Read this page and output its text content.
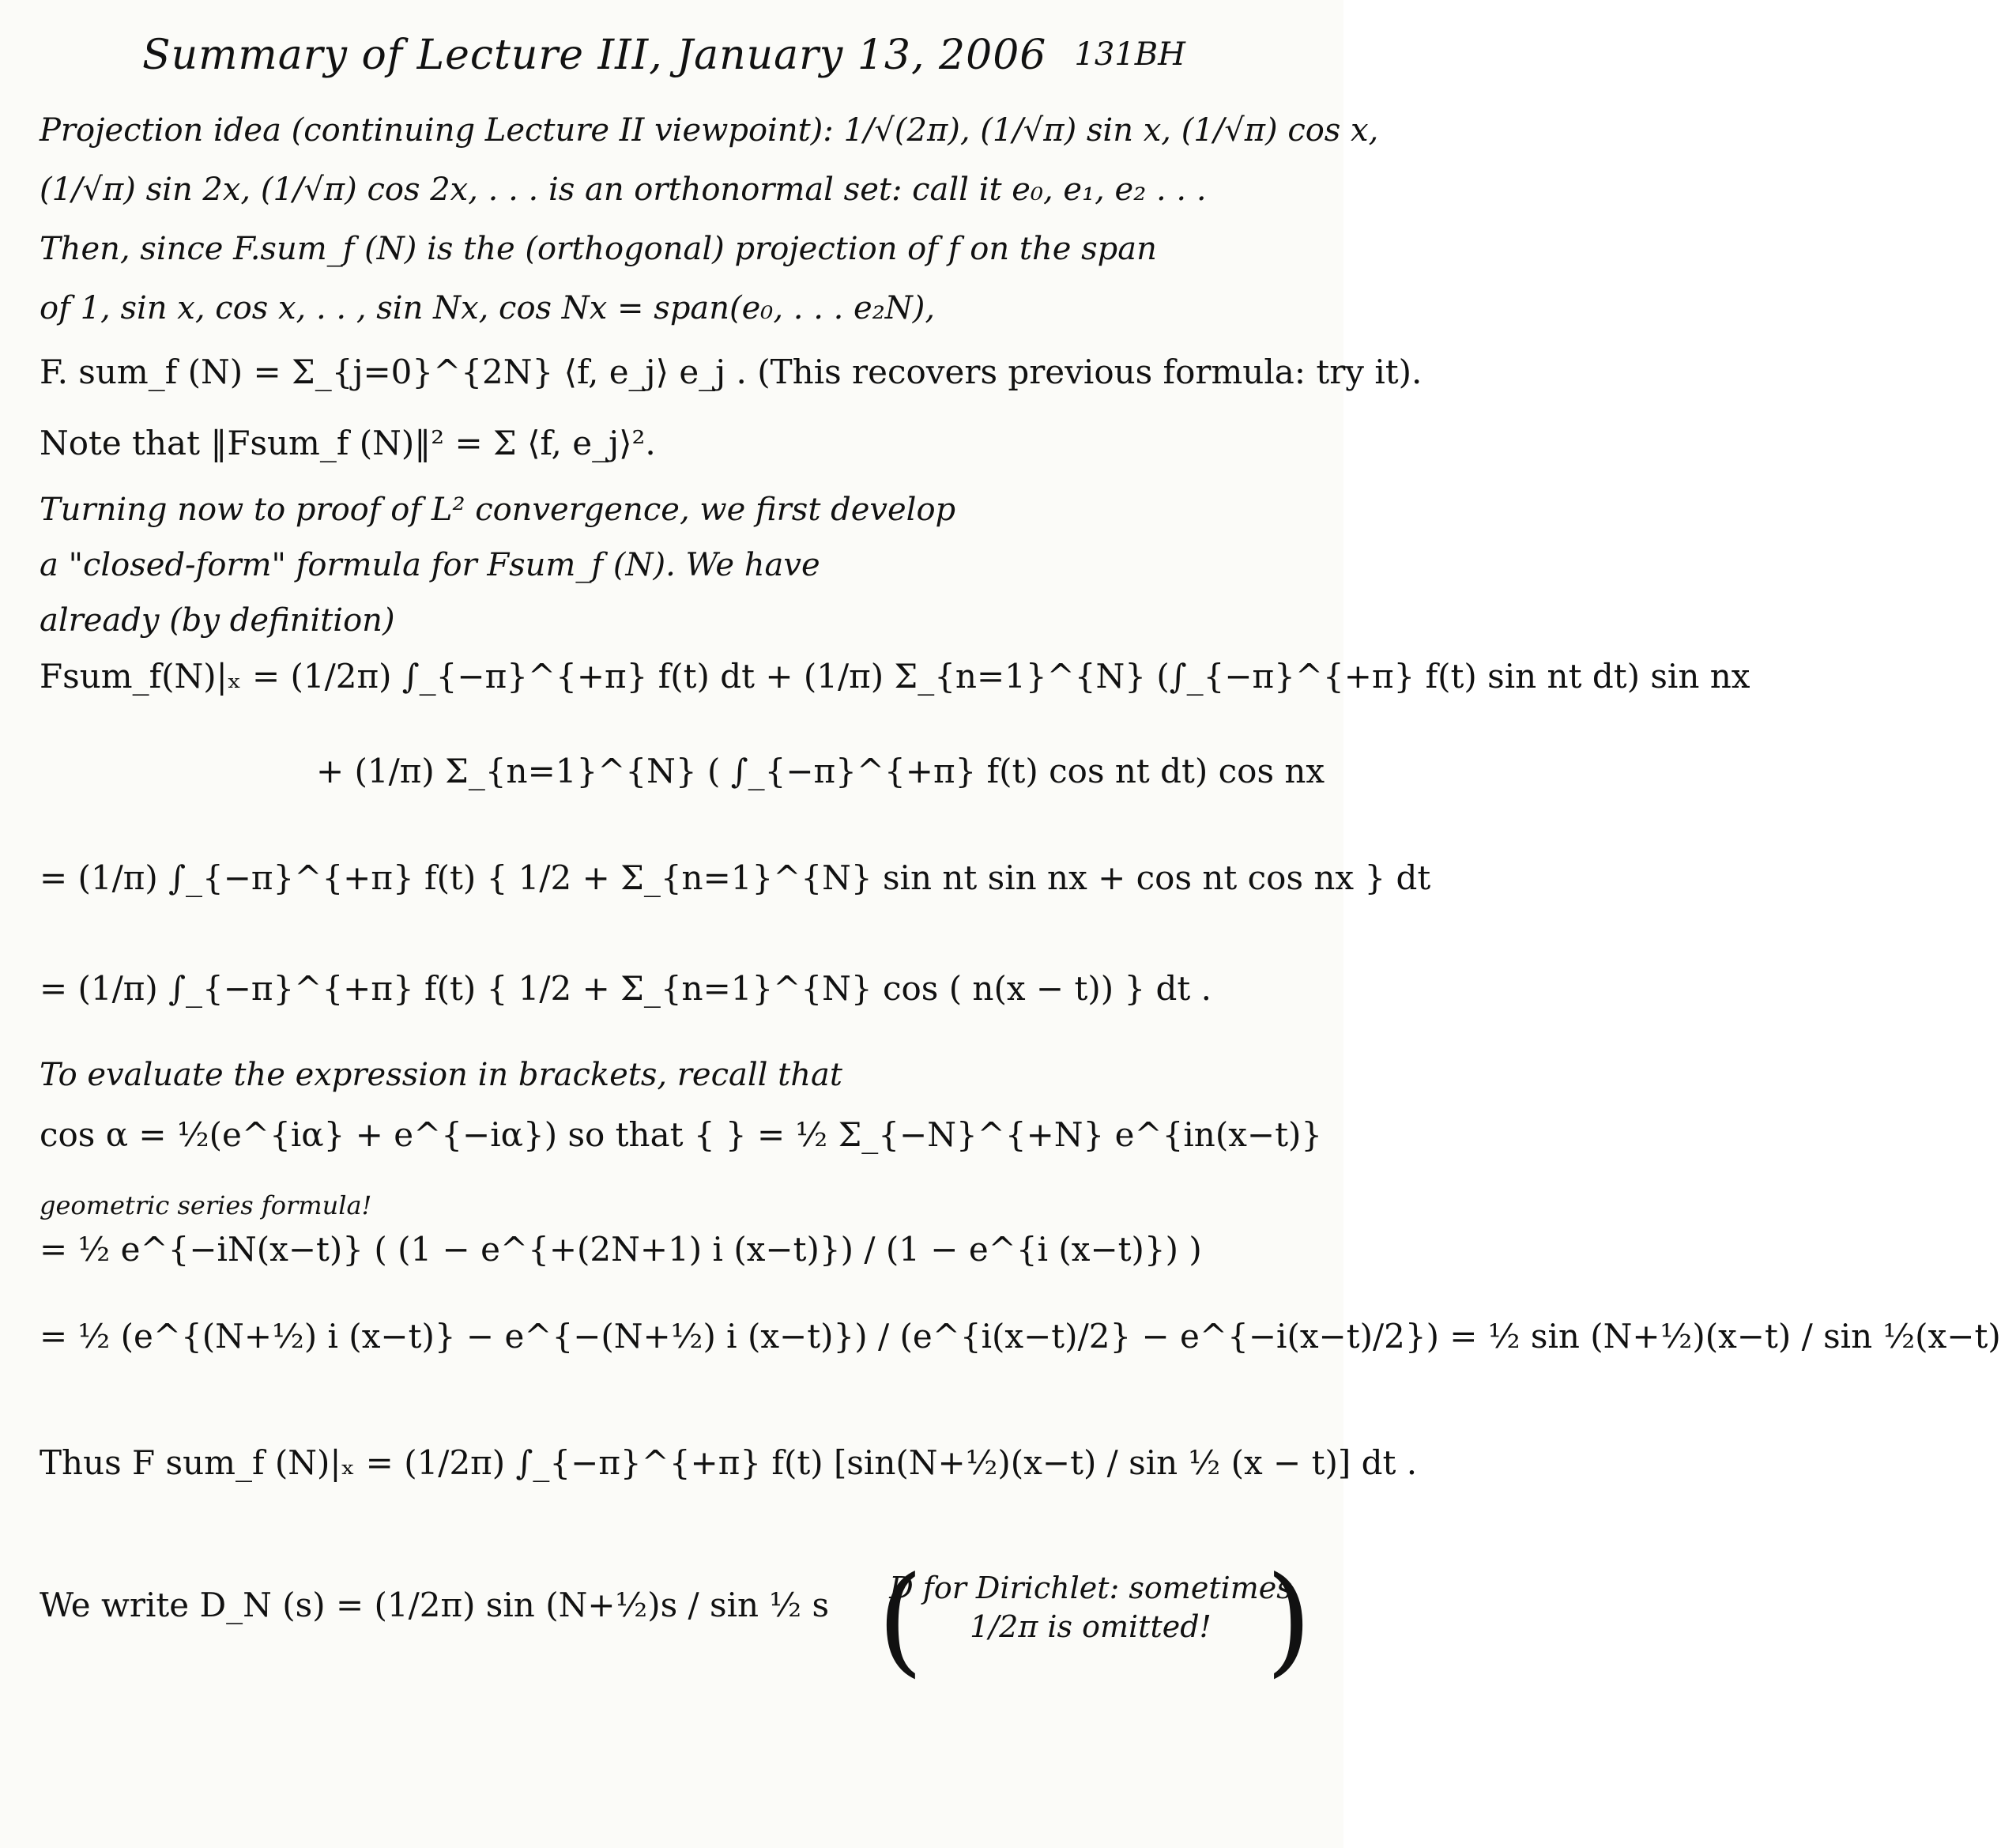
Summary of Lecture III, January 13, 2006 131BH
Projection idea (continuing Lecture II viewpoint): 1/√(2π), (1/√π) sin x, (1/√π) cos x,
(1/√π) sin 2x, (1/√π) cos 2x, . . . is an orthonormal set: call it e₀, e₁, e₂ . . .
Then, since F.sum_f (N) is the (orthogonal) projection of f on the span
of 1, sin x, cos x, . . , sin Nx, cos Nx = span(e₀, . . . e₂N),
F. sum_f (N) = Σ_{j=0}^{2N} ⟨f, e_j⟩ e_j . (This recovers previous formula: try it).
Note that ‖Fsum_f (N)‖² = Σ ⟨f, e_j⟩².
Turning now to proof of L² convergence, we first develop
a "closed-form" formula for Fsum_f (N). We have
already (by definition)
Fsum_f(N)|ₓ = (1/2π) ∫_{−π}^{+π} f(t) dt + (1/π) Σ_{n=1}^{N} (∫_{−π}^{+π} f(t) sin nt dt) sin nx
+ (1/π) Σ_{n=1}^{N} ( ∫_{−π}^{+π} f(t) cos nt dt) cos nx
= (1/π) ∫_{−π}^{+π} f(t) { 1/2 + Σ_{n=1}^{N} sin nt sin nx + cos nt cos nx } dt
= (1/π) ∫_{−π}^{+π} f(t) { 1/2 + Σ_{n=1}^{N} cos ( n(x − t)) } dt .
To evaluate the expression in brackets, recall that
cos α = ½(e^{iα} + e^{−iα}) so that { } = ½ Σ_{−N}^{+N} e^{in(x−t)}
geometric series formula!
= ½ e^{−iN(x−t)} ( (1 − e^{+(2N+1) i (x−t)}) / (1 − e^{i (x−t)}) )
= ½ (e^{(N+½) i (x−t)} − e^{−(N+½) i (x−t)}) / (e^{i(x−t)/2} − e^{−i(x−t)/2}) = ½ sin (N+½)(x−t) / sin ½(x−t)
Thus F sum_f (N)|ₓ = (1/2π) ∫_{−π}^{+π} f(t) [sin(N+½)(x−t) / sin ½ (x − t)] dt .
We write D_N (s) = (1/2π) sin (N+½)s / sin ½ s (
D for Dirichlet: sometimes 1/2π is omitted! )
